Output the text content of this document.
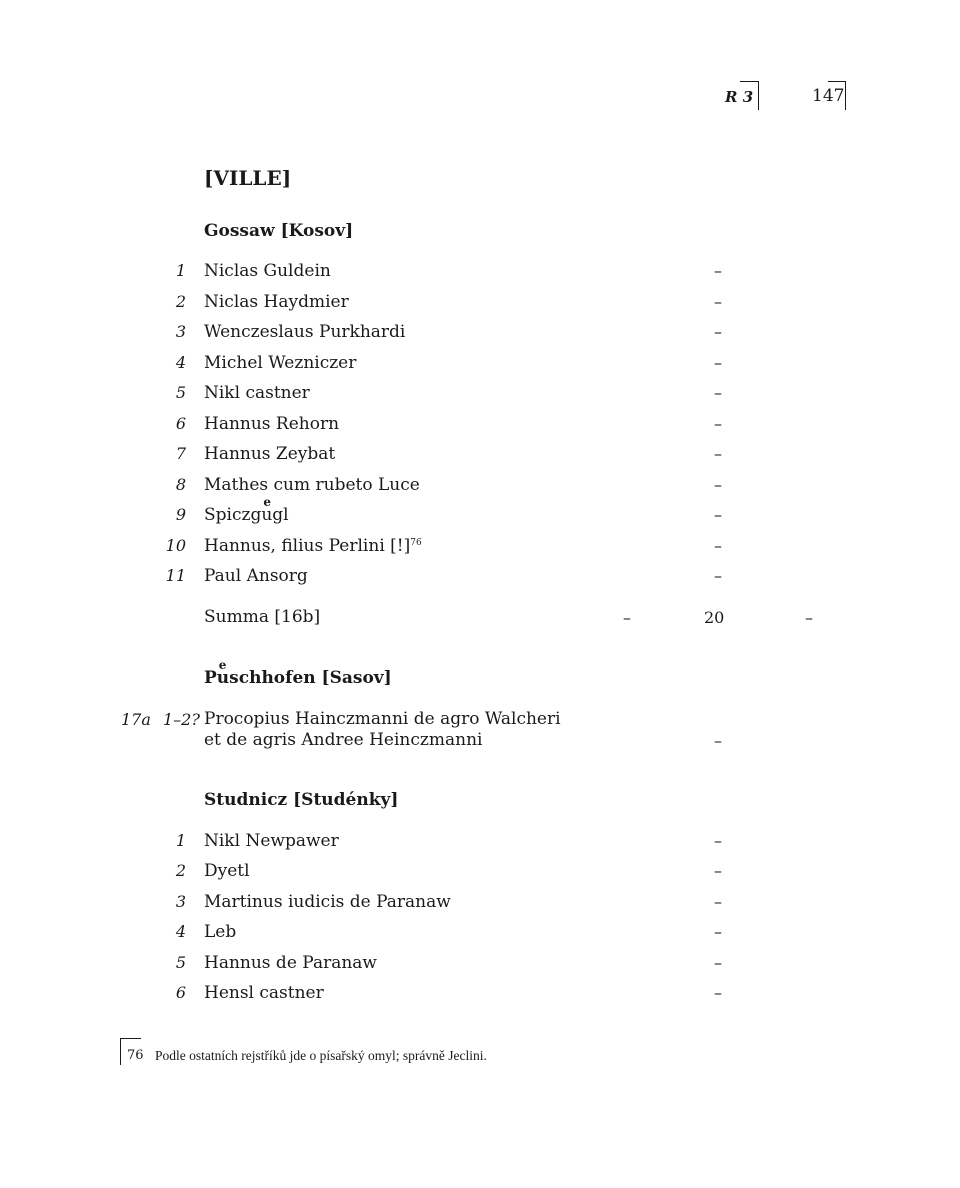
R 3	147
[VILLE]
Gossaw [Kosov]
1 Niclas Guldein	–
2 Niclas Haydmier	–
3 Wenczeslaus Purkhardi	–
4 Michel Wezniczer	–
5 Nikl castner	–
6 Hannus Rehorn	–
7 Hannus Zeybat	–
8 Mathes cum rubeto Luce	–
9 Spiczg
e
ugl	–
10 Hannus, filius Perlini [!]$^{76}$	–
11 Paul Ansorg	–
Summa [16b]	–	20	–
P
e
uschhofen [Sasov]
17a 1–2? Procopius Hainczmanni de agro Walcheri
et de agris Andree Heinczmanni	–
Studnicz [Studénky]
1 Nikl Newpawer	–
2 Dyetl	–
3 Martinus iudicis de Paranaw	–
4 Leb	–
5 Hannus de Paranaw	–
6 Hensl castner	–
76 Podle ostatních rejstříků jde o písařský omyl; správně Jeclini.
